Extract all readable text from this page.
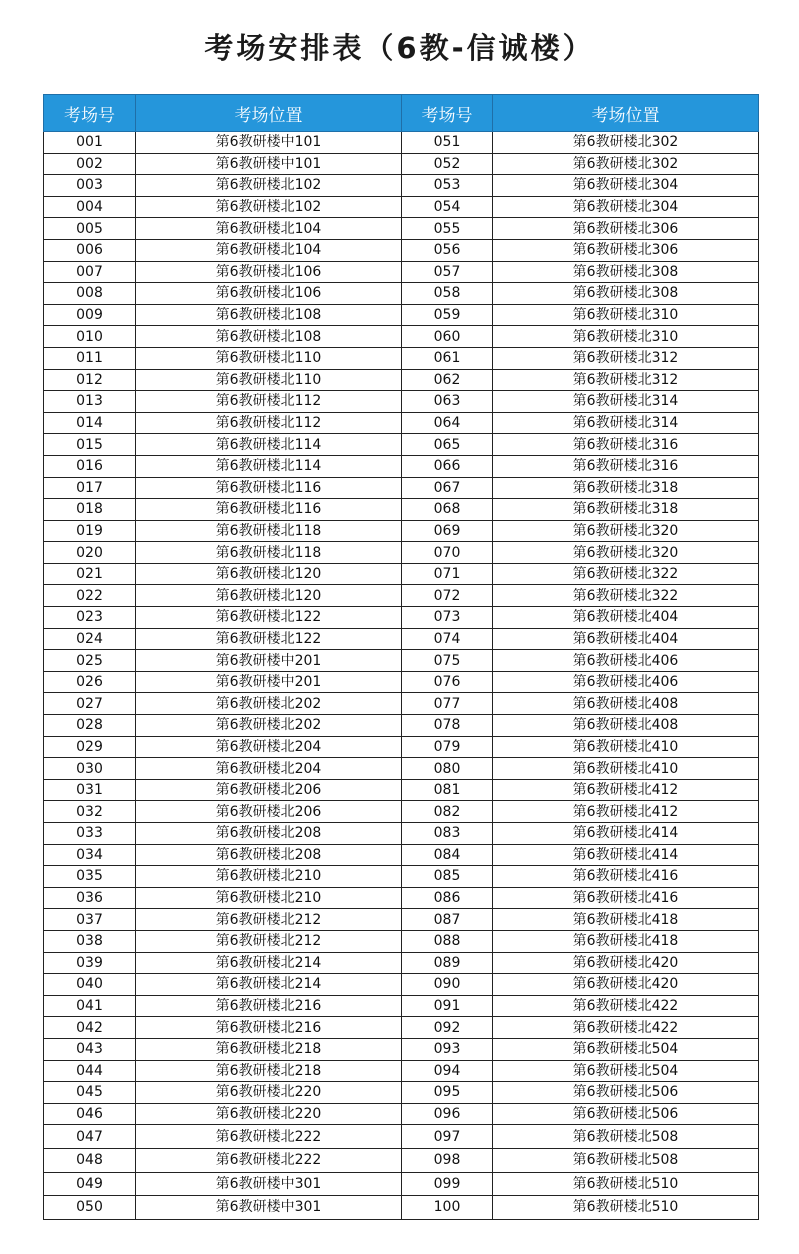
考场安排表（6教-信诚楼）
考场号	考场位置	考场号	考场位置
001	第6教研楼中101	051	第6教研楼北302
002	第6教研楼中101	052	第6教研楼北302
003	第6教研楼北102	053	第6教研楼北304
004	第6教研楼北102	054	第6教研楼北304
005	第6教研楼北104	055	第6教研楼北306
006	第6教研楼北104	056	第6教研楼北306
007	第6教研楼北106	057	第6教研楼北308
008	第6教研楼北106	058	第6教研楼北308
009	第6教研楼北108	059	第6教研楼北310
010	第6教研楼北108	060	第6教研楼北310
011	第6教研楼北110	061	第6教研楼北312
012	第6教研楼北110	062	第6教研楼北312
013	第6教研楼北112	063	第6教研楼北314
014	第6教研楼北112	064	第6教研楼北314
015	第6教研楼北114	065	第6教研楼北316
016	第6教研楼北114	066	第6教研楼北316
017	第6教研楼北116	067	第6教研楼北318
018	第6教研楼北116	068	第6教研楼北318
019	第6教研楼北118	069	第6教研楼北320
020	第6教研楼北118	070	第6教研楼北320
021	第6教研楼北120	071	第6教研楼北322
022	第6教研楼北120	072	第6教研楼北322
023	第6教研楼北122	073	第6教研楼北404
024	第6教研楼北122	074	第6教研楼北404
025	第6教研楼中201	075	第6教研楼北406
026	第6教研楼中201	076	第6教研楼北406
027	第6教研楼北202	077	第6教研楼北408
028	第6教研楼北202	078	第6教研楼北408
029	第6教研楼北204	079	第6教研楼北410
030	第6教研楼北204	080	第6教研楼北410
031	第6教研楼北206	081	第6教研楼北412
032	第6教研楼北206	082	第6教研楼北412
033	第6教研楼北208	083	第6教研楼北414
034	第6教研楼北208	084	第6教研楼北414
035	第6教研楼北210	085	第6教研楼北416
036	第6教研楼北210	086	第6教研楼北416
037	第6教研楼北212	087	第6教研楼北418
038	第6教研楼北212	088	第6教研楼北418
039	第6教研楼北214	089	第6教研楼北420
040	第6教研楼北214	090	第6教研楼北420
041	第6教研楼北216	091	第6教研楼北422
042	第6教研楼北216	092	第6教研楼北422
043	第6教研楼北218	093	第6教研楼北504
044	第6教研楼北218	094	第6教研楼北504
045	第6教研楼北220	095	第6教研楼北506
046	第6教研楼北220	096	第6教研楼北506
047	第6教研楼北222	097	第6教研楼北508
048	第6教研楼北222	098	第6教研楼北508
049	第6教研楼中301	099	第6教研楼北510
050	第6教研楼中301	100	第6教研楼北510
